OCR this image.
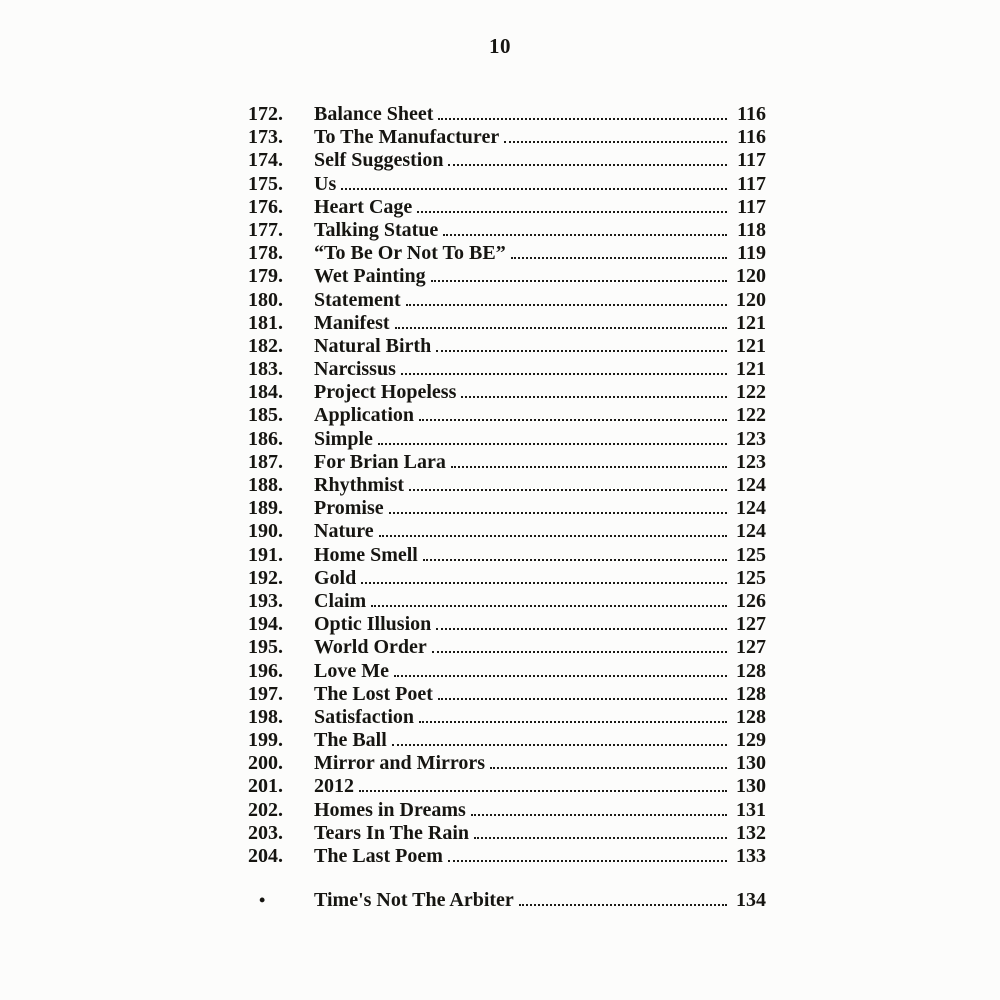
10
172.	Balance Sheet	116
173.	To The Manufacturer	116
174.	Self Suggestion	117
175.	Us	117
176.	Heart Cage	117
177.	Talking Statue	118
178.	“To Be Or Not To BE”	119
179.	Wet Painting	120
180.	Statement	120
181.	Manifest	121
182.	Natural Birth	121
183.	Narcissus	121
184.	Project Hopeless	122
185.	Application	122
186.	Simple	123
187.	For Brian Lara	123
188.	Rhythmist	124
189.	Promise	124
190.	Nature	124
191.	Home Smell	125
192.	Gold	125
193.	Claim	126
194.	Optic Illusion	127
195.	World Order	127
196.	Love Me	128
197.	The Lost Poet	128
198.	Satisfaction	128
199.	The Ball	129
200.	Mirror and Mirrors	130
201.	2012	130
202.	Homes in Dreams	131
203.	Tears In The Rain	132
204.	The Last Poem	133
•	Time's Not The Arbiter	134
